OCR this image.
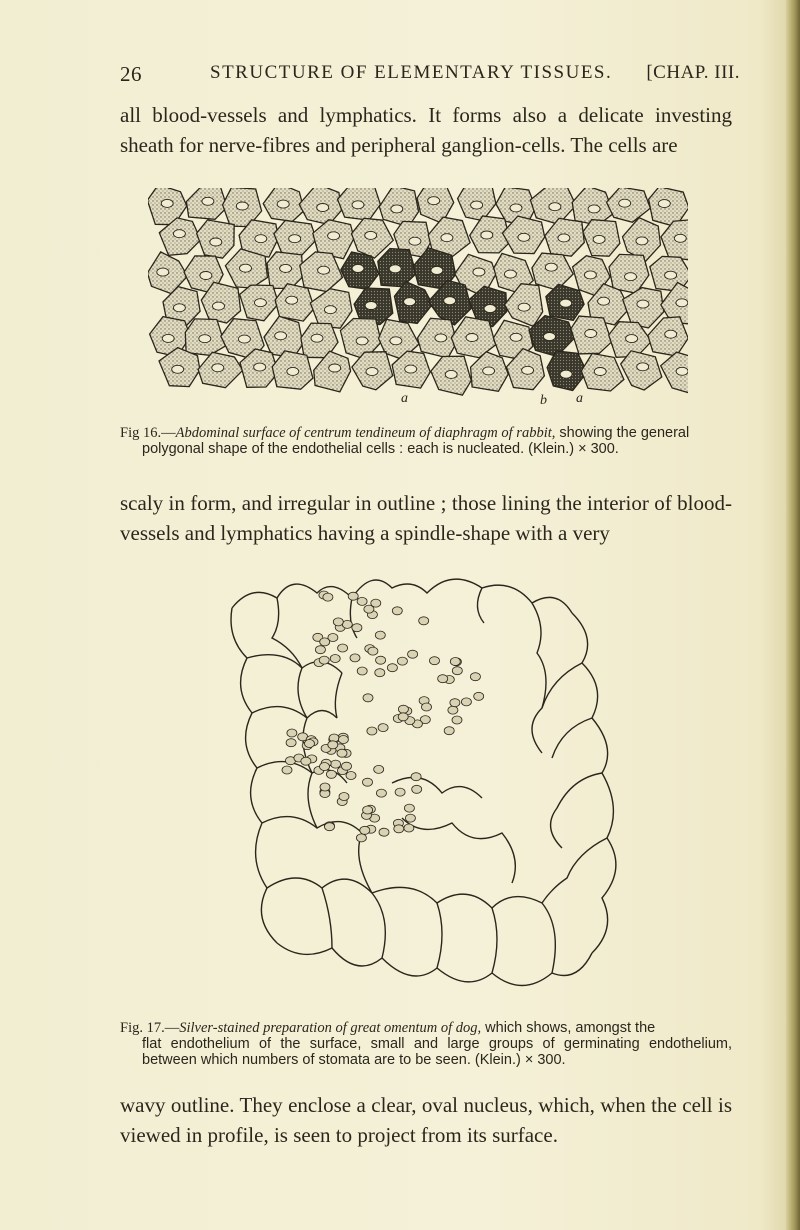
26	STRUCTURE OF ELEMENTARY TISSUES. [CHAP. III.
all blood-vessels and lymphatics. It forms also a delicate investing sheath for nerve-fibres and peripheral ganglion-cells. The cells are
a	b a
Fig 16.—Abdominal surface of centrum tendineum of diaphragm of rabbit, showing the general
polygonal shape of the endothelial cells : each is nucleated. (Klein.) × 300.
scaly in form, and irregular in outline ; those lining the interior of blood-vessels and lymphatics having a spindle-shape with a very
Fig. 17.—Silver-stained preparation of great omentum of dog, which shows, amongst the
flat endothelium of the surface, small and large groups of germinating endothelium, between which numbers of stomata are to be seen. (Klein.) × 300.
wavy outline. They enclose a clear, oval nucleus, which, when the cell is viewed in profile, is seen to project from its surface.
